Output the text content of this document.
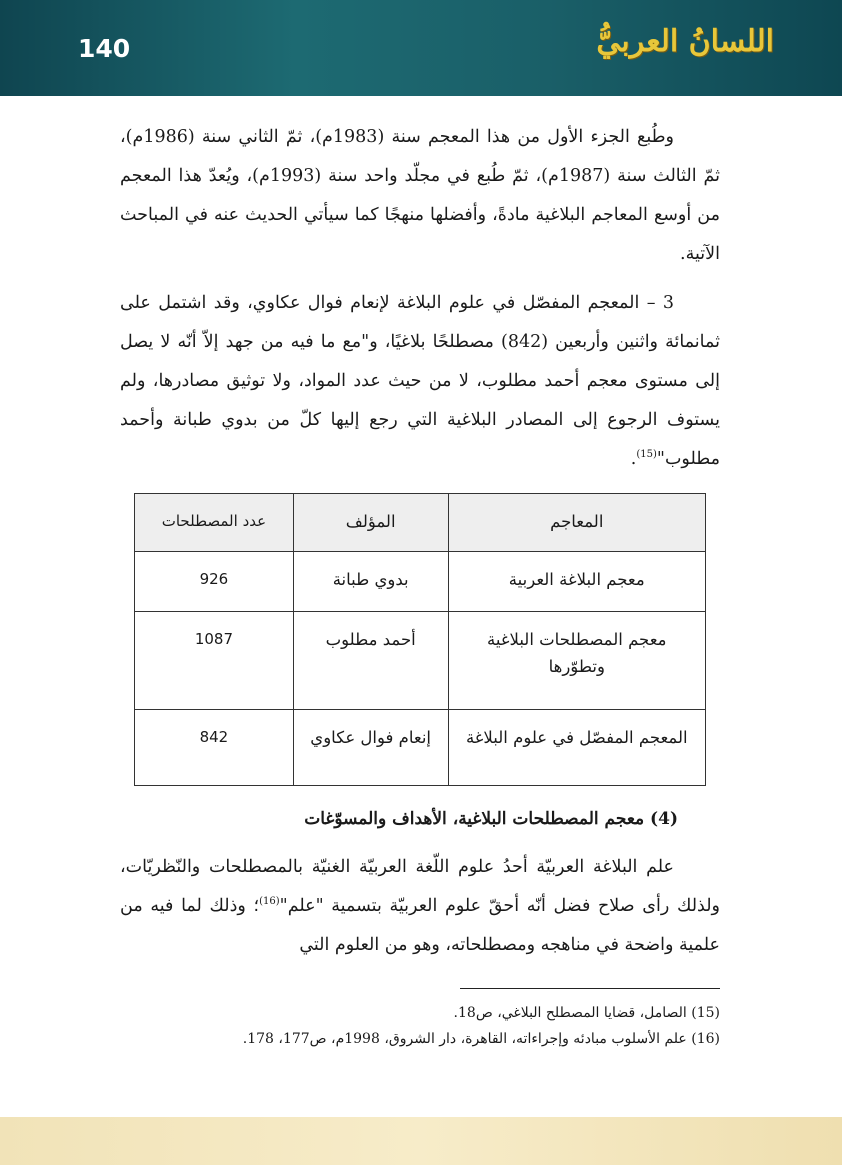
140	اللسانُ العربيُّ

وطُبع الجزء الأول من هذا المعجم سنة (1983م)، ثمّ الثاني سنة (1986م)، ثمّ الثالث سنة (1987م)، ثمّ طُبع في مجلّد واحد سنة (1993م)، ويُعدّ هذا المعجم من أوسع المعاجم البلاغية مادةً، وأفضلها منهجًا كما سيأتي الحديث عنه في المباحث الآتية.

3 – المعجم المفصّل في علوم البلاغة لإنعام فوال عكاوي، وقد اشتمل على ثمانمائة واثنين وأربعين (842) مصطلحًا بلاغيًا، و"مع ما فيه من جهد إلاّ أنّه لا يصل إلى مستوى معجم أحمد مطلوب، لا من حيث عدد المواد، ولا توثيق مصادرها، ولم يستوف الرجوع إلى المصادر البلاغية التي رجع إليها كلّ من بدوي طبانة وأحمد مطلوب"$^{(15)}$.

المعاجم	المؤلف	عدد المصطلحات
معجم البلاغة العربية	بدوي طبانة	926
معجم المصطلحات البلاغية وتطوّرها	أحمد مطلوب	1087
المعجم المفصّل في علوم البلاغة	إنعام فوال عكاوي	842
(4) معجم المصطلحات البلاغية، الأهداف والمسوّغات

علم البلاغة العربيّة أحدُ علوم اللّغة العربيّة الغنيّة بالمصطلحات والنّظريّات، ولذلك رأى صلاح فضل أنّه أحقّ علوم العربيّة بتسمية "علم"$^{(16)}$؛ وذلك لما فيه من علمية واضحة في مناهجه ومصطلحاته، وهو من العلوم التي

(15) الصامل، قضايا المصطلح البلاغي، ص18.
(16) علم الأسلوب مبادئه وإجراءاته، القاهرة، دار الشروق، 1998م، ص177، 178.
